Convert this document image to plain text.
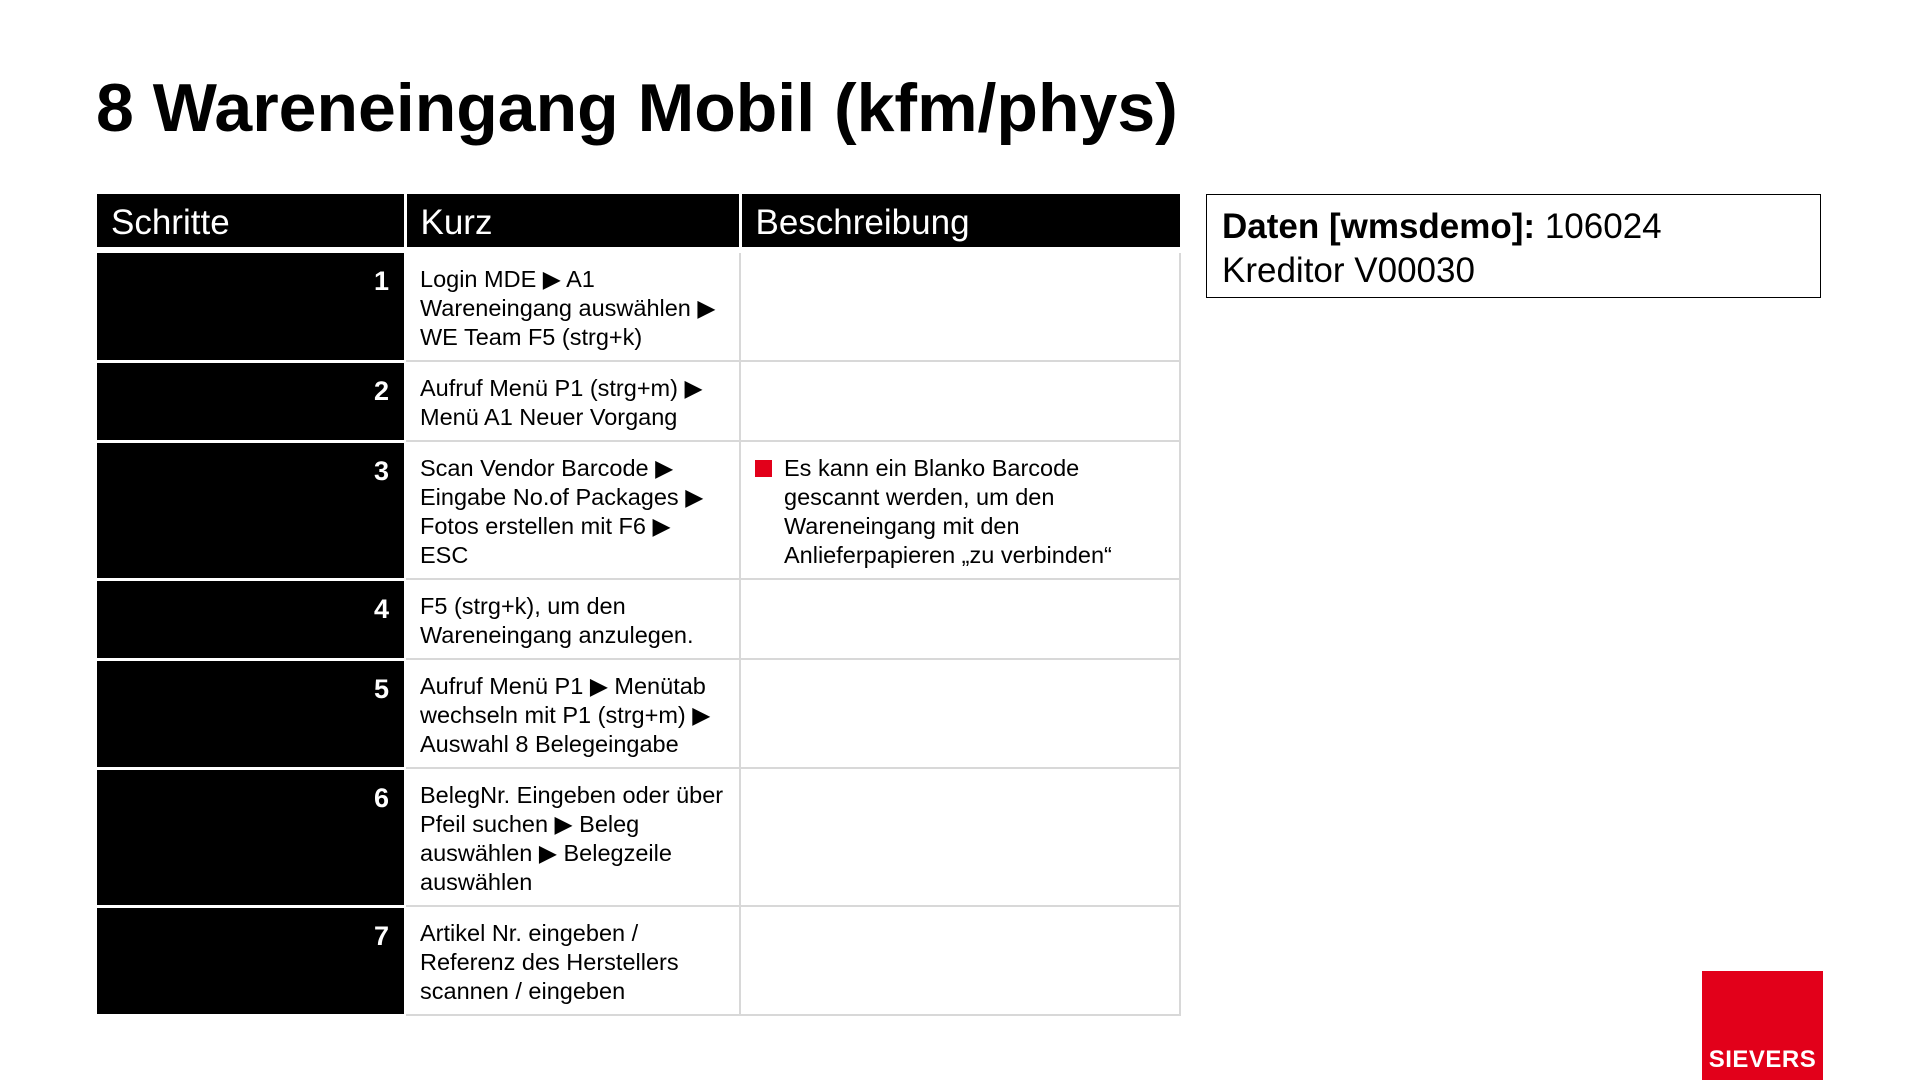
8 Wareneingang Mobil (kfm/phys)
Schritte	Kurz	Beschreibung
1	Login MDE ▶ A1 Wareneingang auswählen ▶ WE Team F5 (strg+k)	
2	Aufruf Menü P1 (strg+m) ▶ Menü A1 Neuer Vorgang	
3	Scan Vendor Barcode ▶ Eingabe No.of Packages ▶ Fotos erstellen mit F6 ▶ ESC	Es kann ein Blanko Barcode gescannt werden, um den Wareneingang mit den Anlieferpapieren „zu verbinden“

4	F5 (strg+k), um den Wareneingang anzulegen.	
5	Aufruf Menü P1 ▶ Menütab wechseln mit P1 (strg+m) ▶ Auswahl 8 Belegeingabe	
6	BelegNr. Eingeben oder über Pfeil suchen ▶ Beleg auswählen ▶ Belegzeile auswählen	
7	Artikel Nr. eingeben / Referenz des Herstellers scannen / eingeben	
Daten [wmsdemo]: 106024
Kreditor V00030
SIEVERS
